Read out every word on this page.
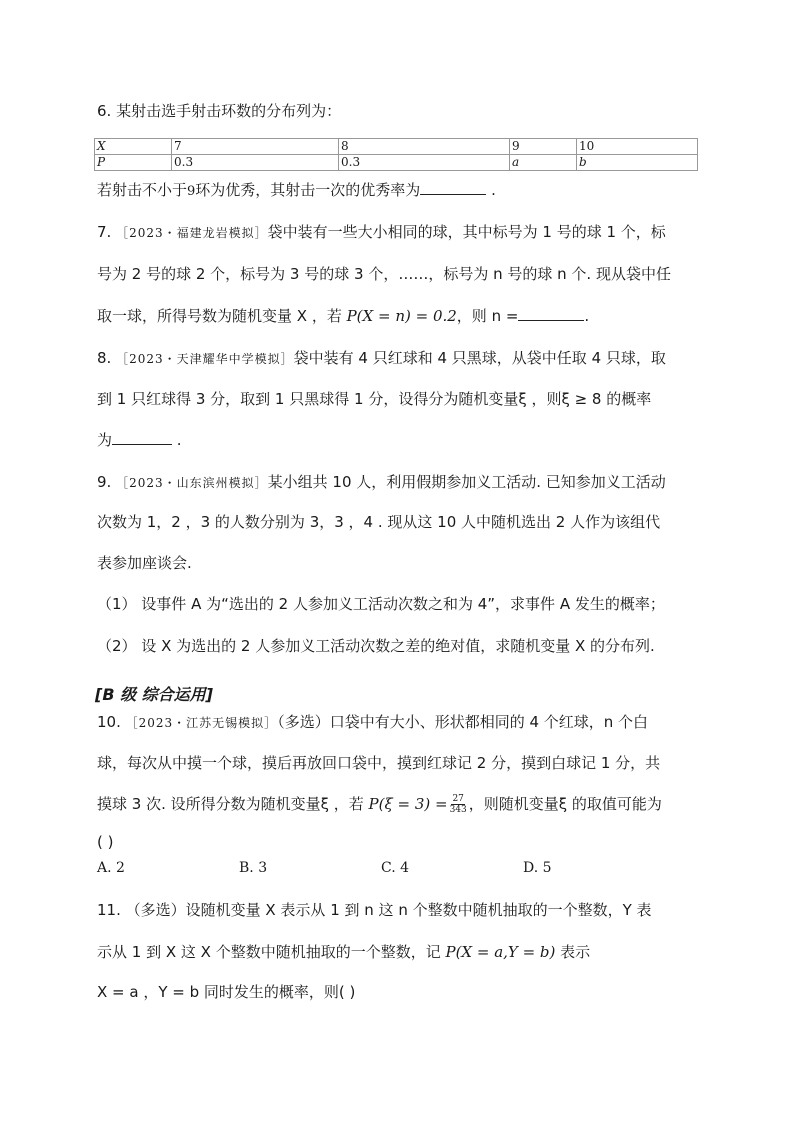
6. 某射击选手射击环数的分布列为：
X	7	8	9	10
P	0.3	0.3	a	b
若射击不小于9环为优秀，其射击一次的优秀率为	.
7. ［2023・福建龙岩模拟］袋中装有一些大小相同的球，其中标号为 1 号的球 1 个，标
号为 2 号的球 2 个，标号为 3 号的球 3 个，……，标号为 n 号的球 n 个. 现从袋中任
取一球，所得号数为随机变量 X ，若 P(X = n) = 0.2，则 n =	.
8. ［2023・天津耀华中学模拟］袋中装有 4 只红球和 4 只黑球，从袋中任取 4 只球，取
到 1 只红球得 3 分，取到 1 只黑球得 1 分，设得分为随机变量ξ ，则ξ ≥ 8 的概率
为	.
9. ［2023・山东滨州模拟］某小组共 10 人，利用假期参加义工活动. 已知参加义工活动
次数为 1，2 ，3 的人数分别为 3，3 ，4 . 现从这 10 人中随机选出 2 人作为该组代
表参加座谈会.
（1） 设事件 A 为“选出的 2 人参加义工活动次数之和为 4”，求事件 A 发生的概率；
（2） 设 X 为选出的 2 人参加义工活动次数之差的绝对值，求随机变量 X 的分布列.
[B 级 综合运用]
10. ［2023・江苏无锡模拟］（多选）口袋中有大小、形状都相同的 4 个红球，n 个白
球，每次从中摸一个球，摸后再放回口袋中，摸到红球记 2 分，摸到白球记 1 分，共
摸球 3 次. 设所得分数为随机变量ξ ，若 $P(\xi = 3) = \frac{27}{343}$ ，则随机变量ξ 的取值可能为
( )
A. 2	B. 3	C. 4	D. 5
11. （多选）设随机变量 X 表示从 1 到 n 这 n 个整数中随机抽取的一个整数，Y 表
示从 1 到 X 这 X 个整数中随机抽取的一个整数，记 P(X = a,Y = b) 表示
X = a ，Y = b 同时发生的概率，则( )
